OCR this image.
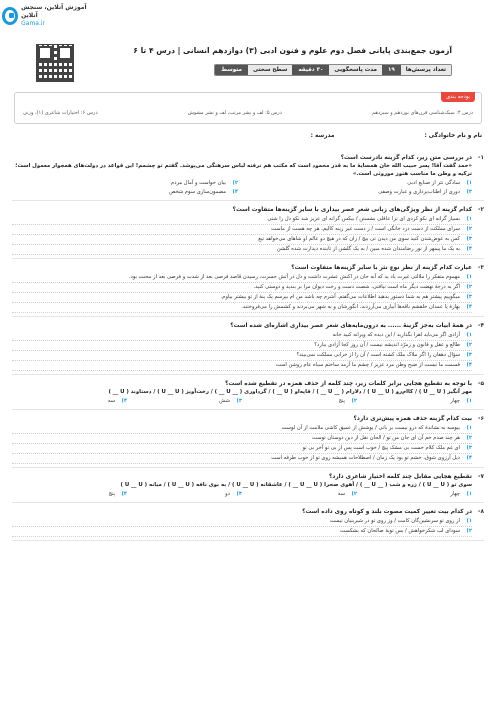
آموزش آنلاین، سنجش آنلاین
Gama.ir
آزمون جمع‌بندی پایانی فصل دوم علوم و فنون ادبی (۳) دوازدهم انسانی | درس ۴ تا ۶
تعداد پرسش‌ها
۱۹
مدت پاسخگویی
۳۰ دقیقه
سطح سختی
متوسط
بودجه بندی
درس ۴: سبک‌شناسی قرن‌های نوزدهم و سیزدهم
درس ۵: لف و نشر مرتب، لف و نشر مشوش
درس ۶: اختیارات شاعری (۱)، وزنی
نام و نام خانوادگی :
مدرسه :
۱-
در بررسی متن زیر، کدام گزینه نادرست است؟
«حمد گفت آقا! پسر حبیب الله خان همسایهٔ ما به قدر محمود است که مکتب هم نرفته لباس سرهنگی می‌پوشد. گفتم تو چشمم! این قواعد در دولت‌های همجوار معمول است؛ ترکیه و وطن ما مناسب هنوز موروثی است.»
۱)
سادگی نثر از صنایع ادبی
۲)
بیان خواست و آمال مردم
۳)
دوری از اطناب‌پردازی و عبارت وصفی
۴)
مضمون‌سازی سوم شخص
۲-
کدام گزینه از نظر ویژگی‌های زبانی شعر عصر بیداری با سایر گزینه‌ها متفاوت است؟
۱)
بسیار گرانه ای نکو کردی ای ترا عاقلی نشستن / بیکس گرانه ای عزیز شد نکو دل را شتی
۲)
سرای مملکت از دست دزد خانگی است / ز دست غیر زینه کالیم، هر چه هست از ماست
۳)
کس به عوض‌شدن کنید سوی من دیدن تی بیچ / زان که در هیچ دو عالم او شاهای می‌خواهد تیغ
۴)
به یک ما پیمهر از نور رضامندان شده مبین / به یک گلشن از تابنده دیدارت شده گلشن
۳-
عبارت کدام گزینه از نظر نوع نثر با سایر گزینه‌ها متفاوت است؟
۱)
مهموم متفکر را ملالتی غیرت یاد ید که آنه جان در اکنش عشرت داشت و دل در آتش حسرت، رسیدن قاصد فرصی بعد از شدت و فرصی بعد از محنت بود.
۲)
اگر به درجهٔ نهضت دیگر ماه است نیافتی، شصت دست و رخت دیوان مرا بر بندید و دوستی کنید.
۳)
میگوییم پیشتر هم به شما دستور بدهید اطلاعات می‌گفتم. آشرم چه باشد من ام بپرسم یک پنهٔ از تو بیشتر بیاوم.
۴)
بهارهٔ یا عمدان خلقشم ناقه‌ها آبیاری می‌آرزدند، انگورشان و به شهر می‌بردند و کشمش را می‌فروختند.
۴-
در همهٔ ابیات به‌جز گزینهٔ ...... به درون‌مایه‌های شعر عصر بیداری اشاره‌ای شده است؟
۱)
آزادی اگر می‌ناید اهرا بگذارید / این دیده که ویرانه کنید خانه
۲)
طالع و عقل و قانون و زمرّد اندیشه نیست / آن روز کجا آزادی ببارد؟
۳)
سؤال دهقان را اگر ملاک ملک کشته است / آن را از خرابی مملکت نمی‌بیند؟
۴)
قسمت ما نیست از صبح وطن مرد عزیز / چشم ما آزمد ساختم سیاه عام روشن است
۵-
با توجه به تقطیع هجایی برابر کلمات زیر، چند کلمه از حذف همزه در تقطیع شده است؟
مهر آنگیز ( U __ U ) / کاام‌رو ( U __ U ) / دلارام ( __ U __ ) / قاپه‌او ( U __ ) / گرداوری ( __ U __ ) / رخت‌آویز ( U __ U ) / دستاوند ( U __ )
۱)
چهار
۲)
پنج
۳)
شش
۴)
سه
۶-
بیت کدام گزینه حذف همزه پیش‌تری دارد؟
۱)
بیوسه به نشاندهٔ که درو نیست بر بانی / پوشش از عمیق کاشی ملامت از آن لوست
۲)
هر چند صدم خم آن ای جان من تو / الحان نقل از دین دوستان توست
۳)
ای غم ملک کلام خست بی مشک پیچ / خوب است پس از بی تو آخر بی تو
۴)
دیل آرزوی شوق، خشم تو بود یک زمان / اصطلاحات همیشه روی تو از خوب طرفه است
۷-
تقطیع هجایی مقابل چند کلمه اختیار شاعری دارد؟
سوی تو ( U __ U ) / زره و شب ( __ U __ ) / آهوی صحرا ( U __ U __ ) / عاشقانه ( U __ U ) / به بوی نافه ( U __ U ) / میانه ( U __ U )
۱)
چهار
۲)
سه
۳)
دو
۴)
پنج
۸-
در کدام بیت تغییر کمیت مصوت بلند و کوتاه روی داده است؟
۱)
از روی تو سرنشین‌گان کامت / وز روی تو در شیرینیان نیست
۲)
سودای لب شکرخواهش / بس توبهٔ صالحان که بشکست
